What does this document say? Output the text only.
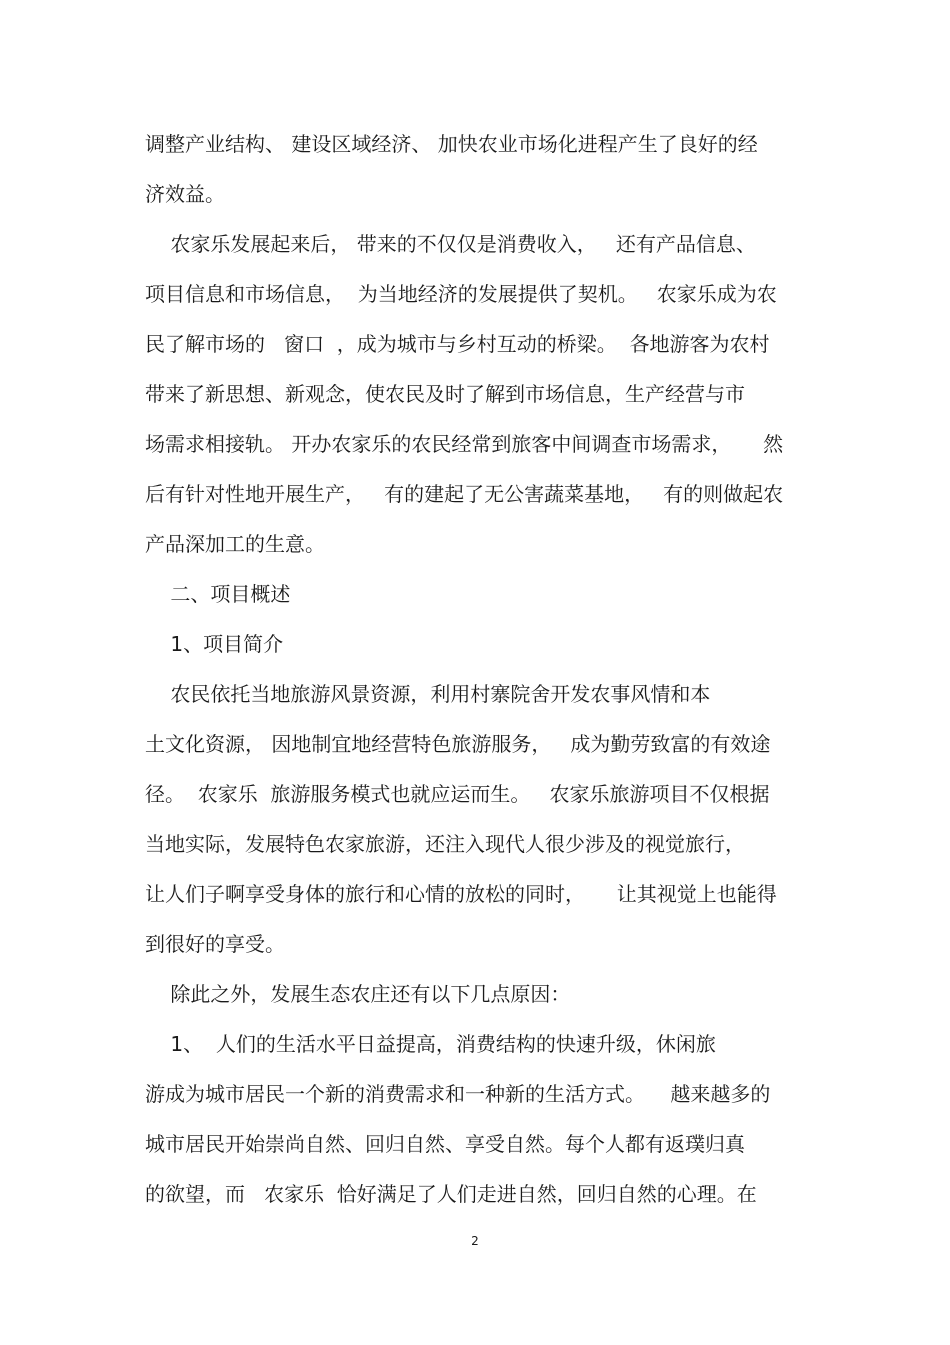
调整产业结构、 建设区域经济、 加快农业市场化进程产生了良好的经

济效益。

农家乐发展起来后， 带来的不仅仅是消费收入，   还有产品信息、

项目信息和市场信息，  为当地经济的发展提供了契机。   农家乐成为农

民了解市场的   窗口  ，成为城市与乡村互动的桥梁。  各地游客为农村

带来了新思想、新观念，使农民及时了解到市场信息，生产经营与市

场需求相接轨。 开办农家乐的农民经常到旅客中间调查市场需求，     然

后有针对性地开展生产，   有的建起了无公害蔬菜基地，   有的则做起农

产品深加工的生意。

二、项目概述

1、项目简介

农民依托当地旅游风景资源，利用村寨院舍开发农事风情和本

土文化资源， 因地制宜地经营特色旅游服务，   成为勤劳致富的有效途

径。  农家乐  旅游服务模式也就应运而生。   农家乐旅游项目不仅根据

当地实际，发展特色农家旅游，还注入现代人很少涉及的视觉旅行，

让人们子啊享受身体的旅行和心情的放松的同时，     让其视觉上也能得

到很好的享受。

除此之外，发展生态农庄还有以下几点原因：

1、  人们的生活水平日益提高，消费结构的快速升级，休闲旅

游成为城市居民一个新的消费需求和一种新的生活方式。    越来越多的

城市居民开始崇尚自然、回归自然、享受自然。每个人都有返璞归真

的欲望，而   农家乐  恰好满足了人们走进自然，回归自然的心理。在

2
